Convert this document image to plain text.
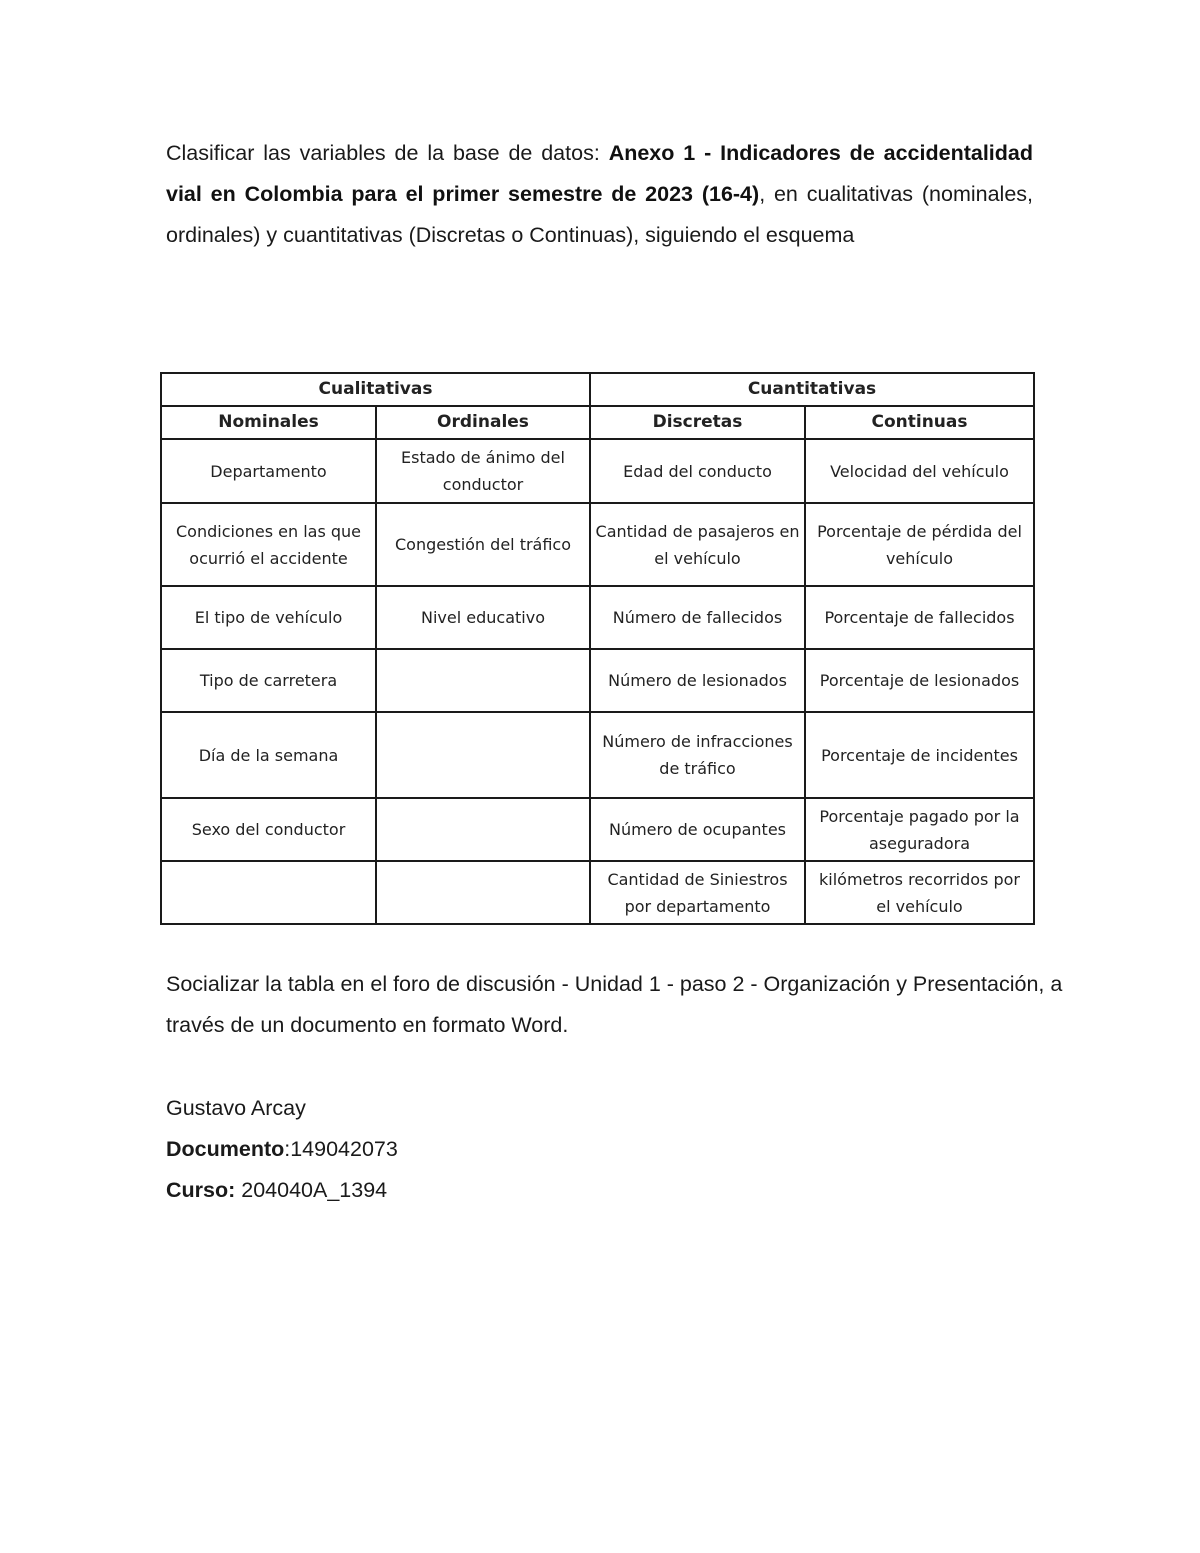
Clasificar las variables de la base de datos: Anexo 1 - Indicadores de accidentalidad vial en Colombia para el primer semestre de 2023 (16-4), en cualitativas (nominales, ordinales) y cuantitativas (Discretas o Continuas), siguiendo el esquema

Cualitativas		Cuantitativas	
Nominales	Ordinales	Discretas	Continuas
Departamento	Estado de ánimo del conductor	Edad del conducto	Velocidad del vehículo
Condiciones en las que ocurrió el accidente	Congestión del tráfico	Cantidad de pasajeros en el vehículo	Porcentaje de pérdida del vehículo
El tipo de vehículo	Nivel educativo	Número de fallecidos	Porcentaje de fallecidos
Tipo de carretera		Número de lesionados	Porcentaje de lesionados
Día de la semana		Número de infracciones de tráfico	Porcentaje de incidentes
Sexo del conductor		Número de ocupantes	Porcentaje pagado por la aseguradora
		Cantidad de Siniestros por departamento	kilómetros recorridos por el vehículo

Socializar la tabla en el foro de discusión - Unidad 1 - paso 2 - Organización y Presentación, a través de un documento en formato Word.

Gustavo Arcay
Documento:149042073
Curso: 204040A_1394
